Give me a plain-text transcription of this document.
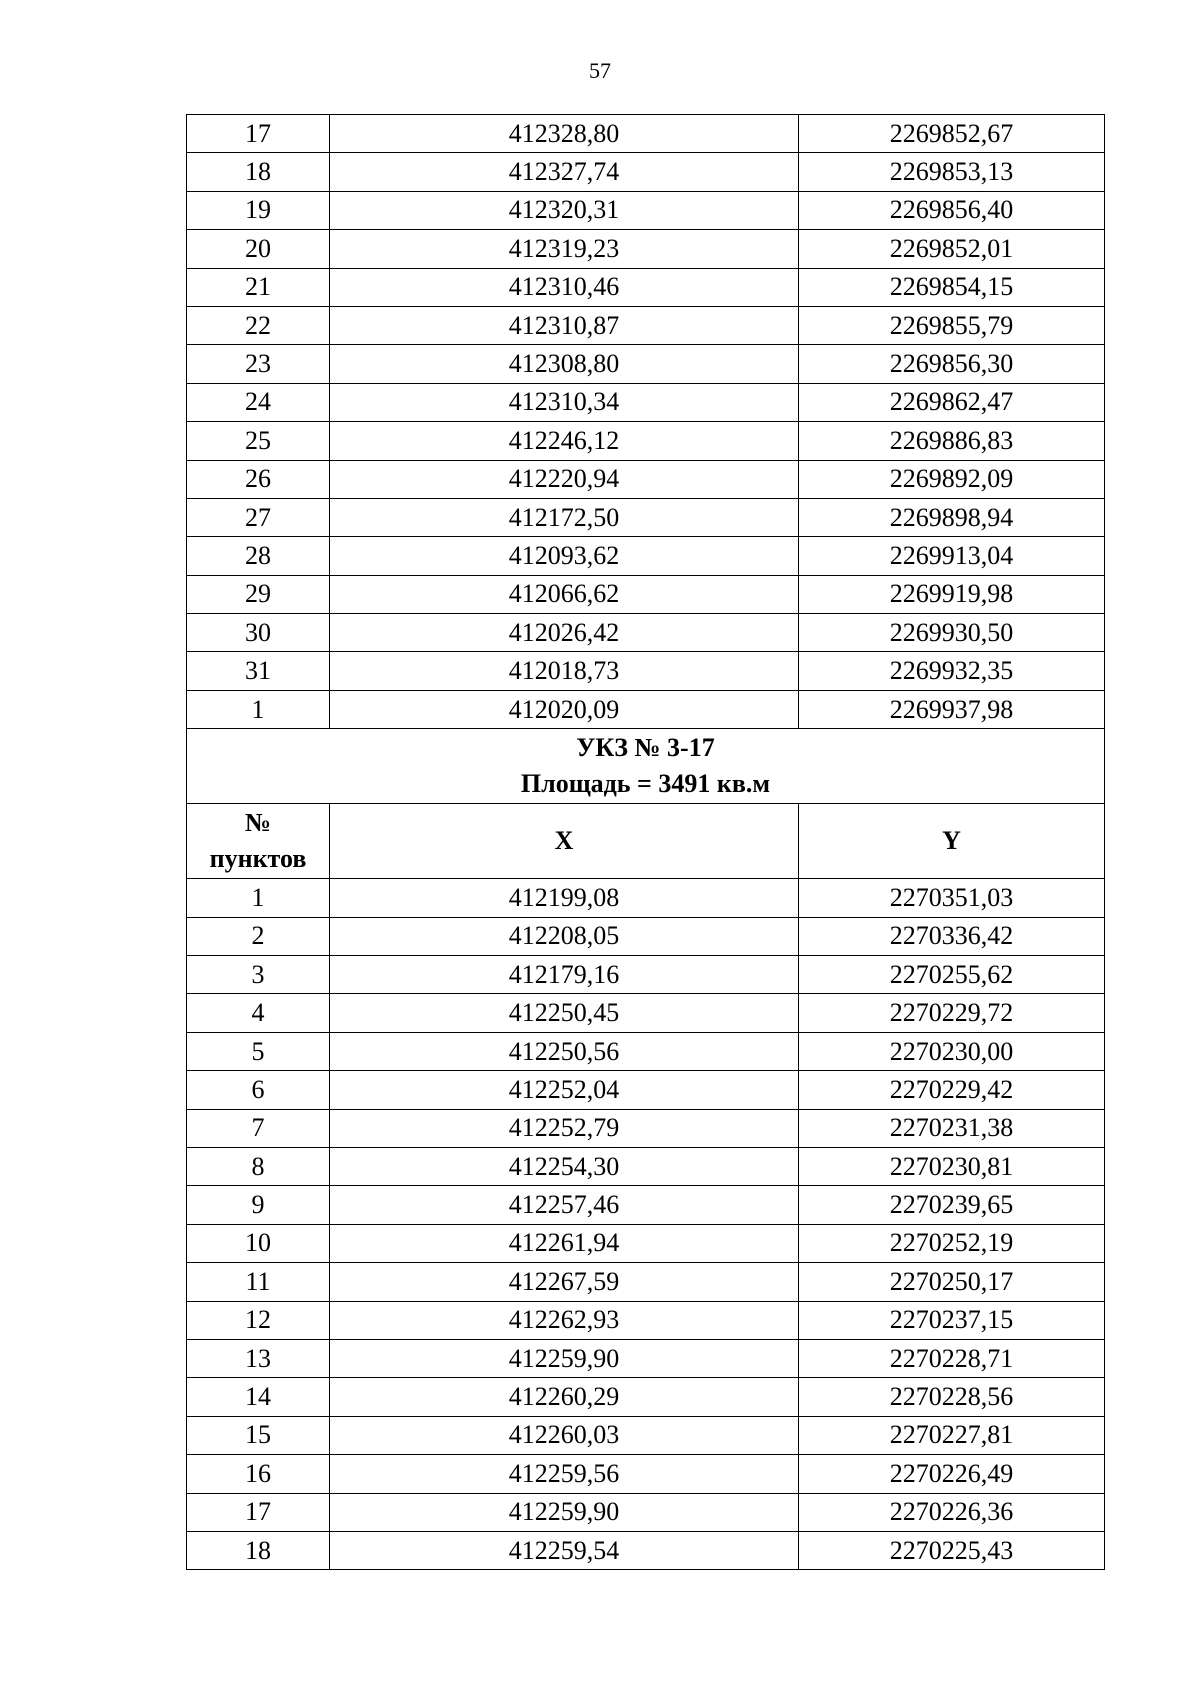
57
17	412328,80	2269852,67
18	412327,74	2269853,13
19	412320,31	2269856,40
20	412319,23	2269852,01
21	412310,46	2269854,15
22	412310,87	2269855,79
23	412308,80	2269856,30
24	412310,34	2269862,47
25	412246,12	2269886,83
26	412220,94	2269892,09
27	412172,50	2269898,94
28	412093,62	2269913,04
29	412066,62	2269919,98
30	412026,42	2269930,50
31	412018,73	2269932,35
1	412020,09	2269937,98

УКЗ № 3-17
Площадь = 3491 кв.м		

№
пунктов	X	Y
1	412199,08	2270351,03
2	412208,05	2270336,42
3	412179,16	2270255,62
4	412250,45	2270229,72
5	412250,56	2270230,00
6	412252,04	2270229,42
7	412252,79	2270231,38
8	412254,30	2270230,81
9	412257,46	2270239,65
10	412261,94	2270252,19
11	412267,59	2270250,17
12	412262,93	2270237,15
13	412259,90	2270228,71
14	412260,29	2270228,56
15	412260,03	2270227,81
16	412259,56	2270226,49
17	412259,90	2270226,36
18	412259,54	2270225,43
